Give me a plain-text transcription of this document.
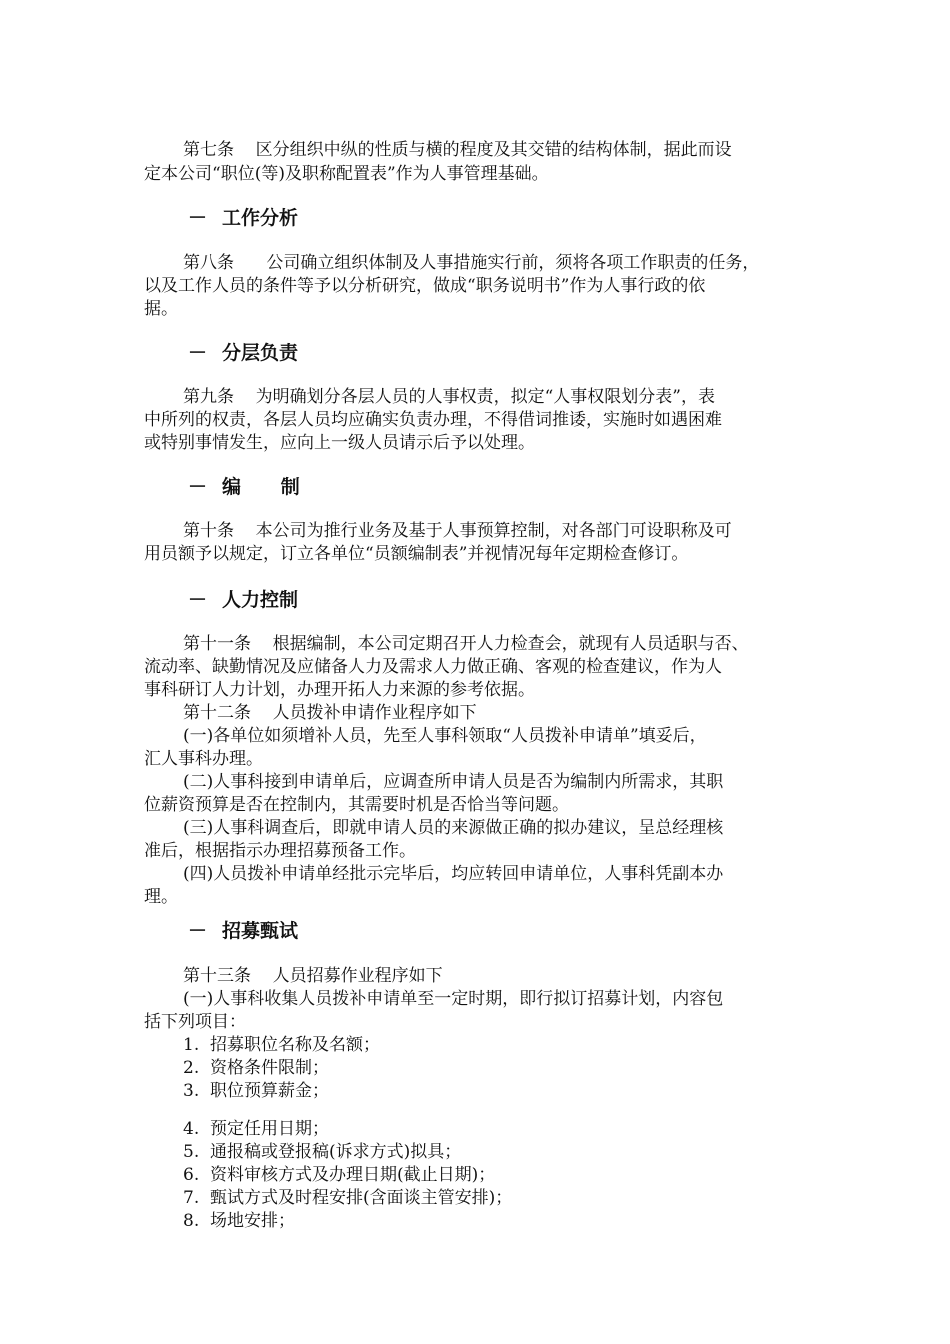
第七条    区分组织中纵的性质与横的程度及其交错的结构体制，据此而设
定本公司“职位(等)及职称配置表”作为人事管理基础。
－ 工作分析
第八条      公司确立组织体制及人事措施实行前，须将各项工作职责的任务，
以及工作人员的条件等予以分析研究，做成“职务说明书”作为人事行政的依
据。
－ 分层负责
第九条    为明确划分各层人员的人事权责，拟定“人事权限划分表”，表
中所列的权责，各层人员均应确实负责办理，不得借词推诿，实施时如遇困难
或特别事情发生，应向上一级人员请示后予以处理。
－ 编      制
第十条    本公司为推行业务及基于人事预算控制，对各部门可设职称及可
用员额予以规定，订立各单位“员额编制表”并视情况每年定期检查修订。
－ 人力控制
第十一条    根据编制，本公司定期召开人力检查会，就现有人员适职与否、
流动率、缺勤情况及应储备人力及需求人力做正确、客观的检查建议，作为人
事科研订人力计划，办理开拓人力来源的参考依据。
第十二条    人员拨补申请作业程序如下
(一)各单位如须增补人员，先至人事科领取“人员拨补申请单”填妥后，
汇人事科办理。
(二)人事科接到申请单后，应调查所申请人员是否为编制内所需求，其职
位薪资预算是否在控制内，其需要时机是否恰当等问题。
(三)人事科调查后，即就申请人员的来源做正确的拟办建议，呈总经理核
准后，根据指示办理招募预备工作。
(四)人员拨补申请单经批示完毕后，均应转回申请单位，人事科凭副本办
理。
－ 招募甄试
第十三条    人员招募作业程序如下
(一)人事科收集人员拨补申请单至一定时期，即行拟订招募计划，内容包
括下列项目：
1.  招募职位名称及名额；
2.  资格条件限制；
3.  职位预算薪金；
4.  预定任用日期；
5.  通报稿或登报稿(诉求方式)拟具；
6.  资料审核方式及办理日期(截止日期)；
7.  甄试方式及时程安排(含面谈主管安排)；
8.  场地安排；
